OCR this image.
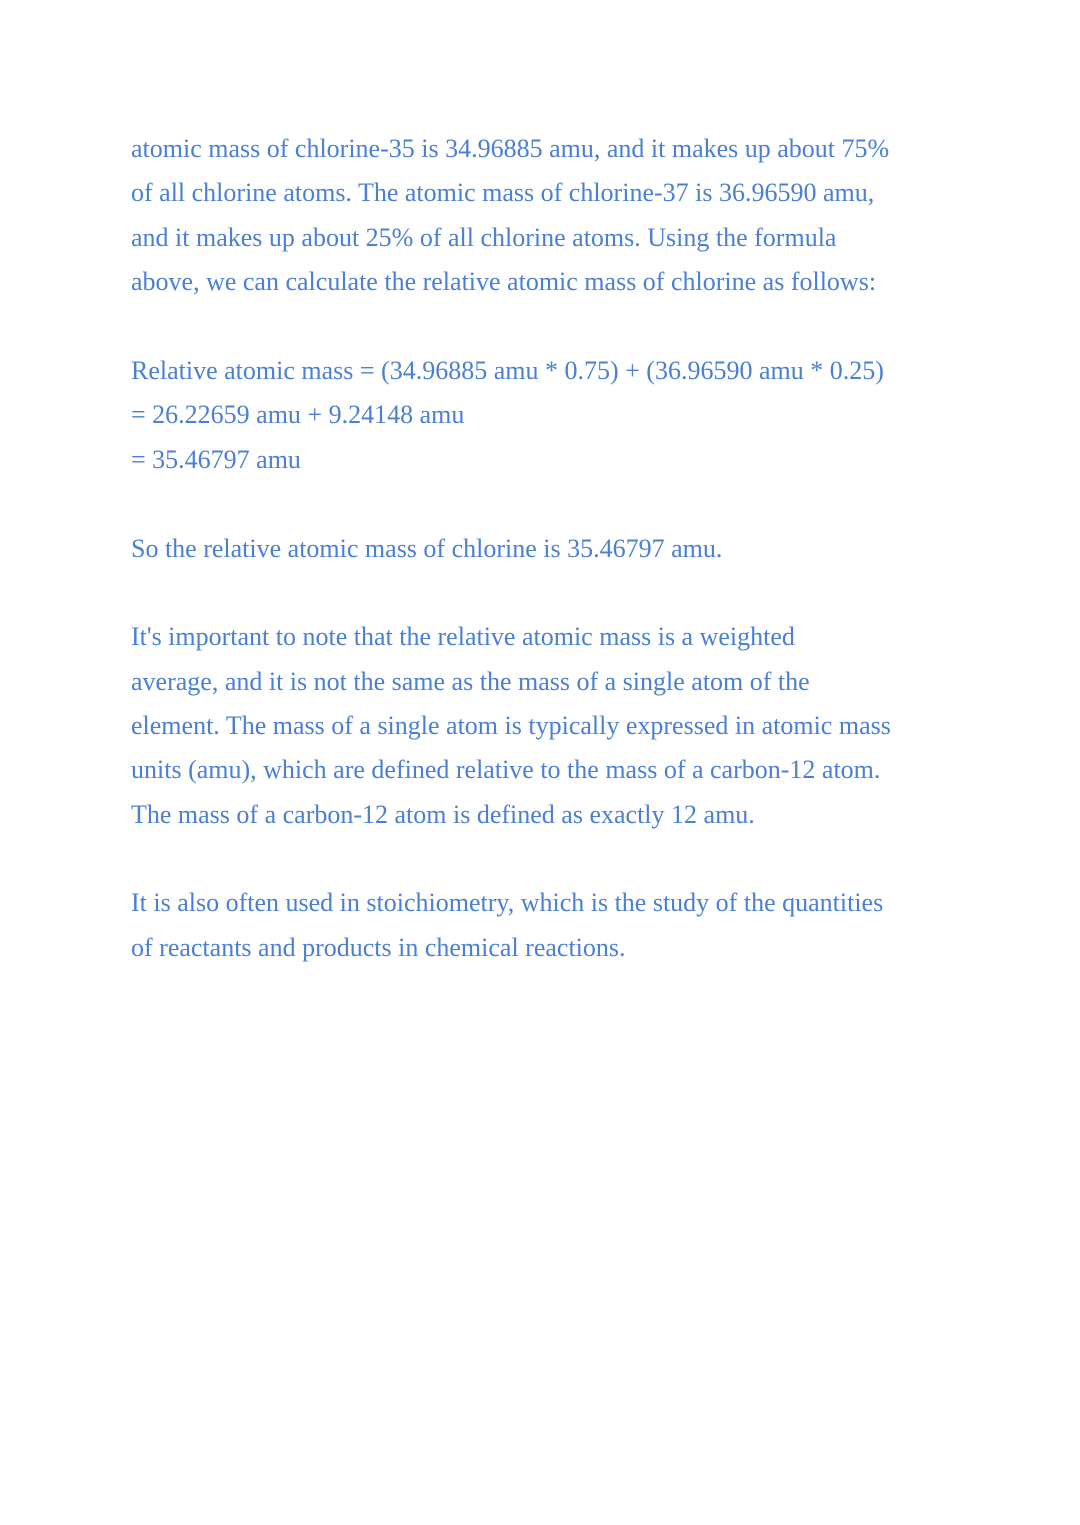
atomic mass of chlorine-35 is 34.96885 amu, and it makes up about 75%
of all chlorine atoms. The atomic mass of chlorine-37 is 36.96590 amu,
and it makes up about 25% of all chlorine atoms. Using the formula
above, we can calculate the relative atomic mass of chlorine as follows:
Relative atomic mass = (34.96885 amu * 0.75) + (36.96590 amu * 0.25)
= 26.22659 amu + 9.24148 amu
= 35.46797 amu
So the relative atomic mass of chlorine is 35.46797 amu.
It's important to note that the relative atomic mass is a weighted
average, and it is not the same as the mass of a single atom of the
element. The mass of a single atom is typically expressed in atomic mass
units (amu), which are defined relative to the mass of a carbon-12 atom.
The mass of a carbon-12 atom is defined as exactly 12 amu.
It is also often used in stoichiometry, which is the study of the quantities
of reactants and products in chemical reactions.
